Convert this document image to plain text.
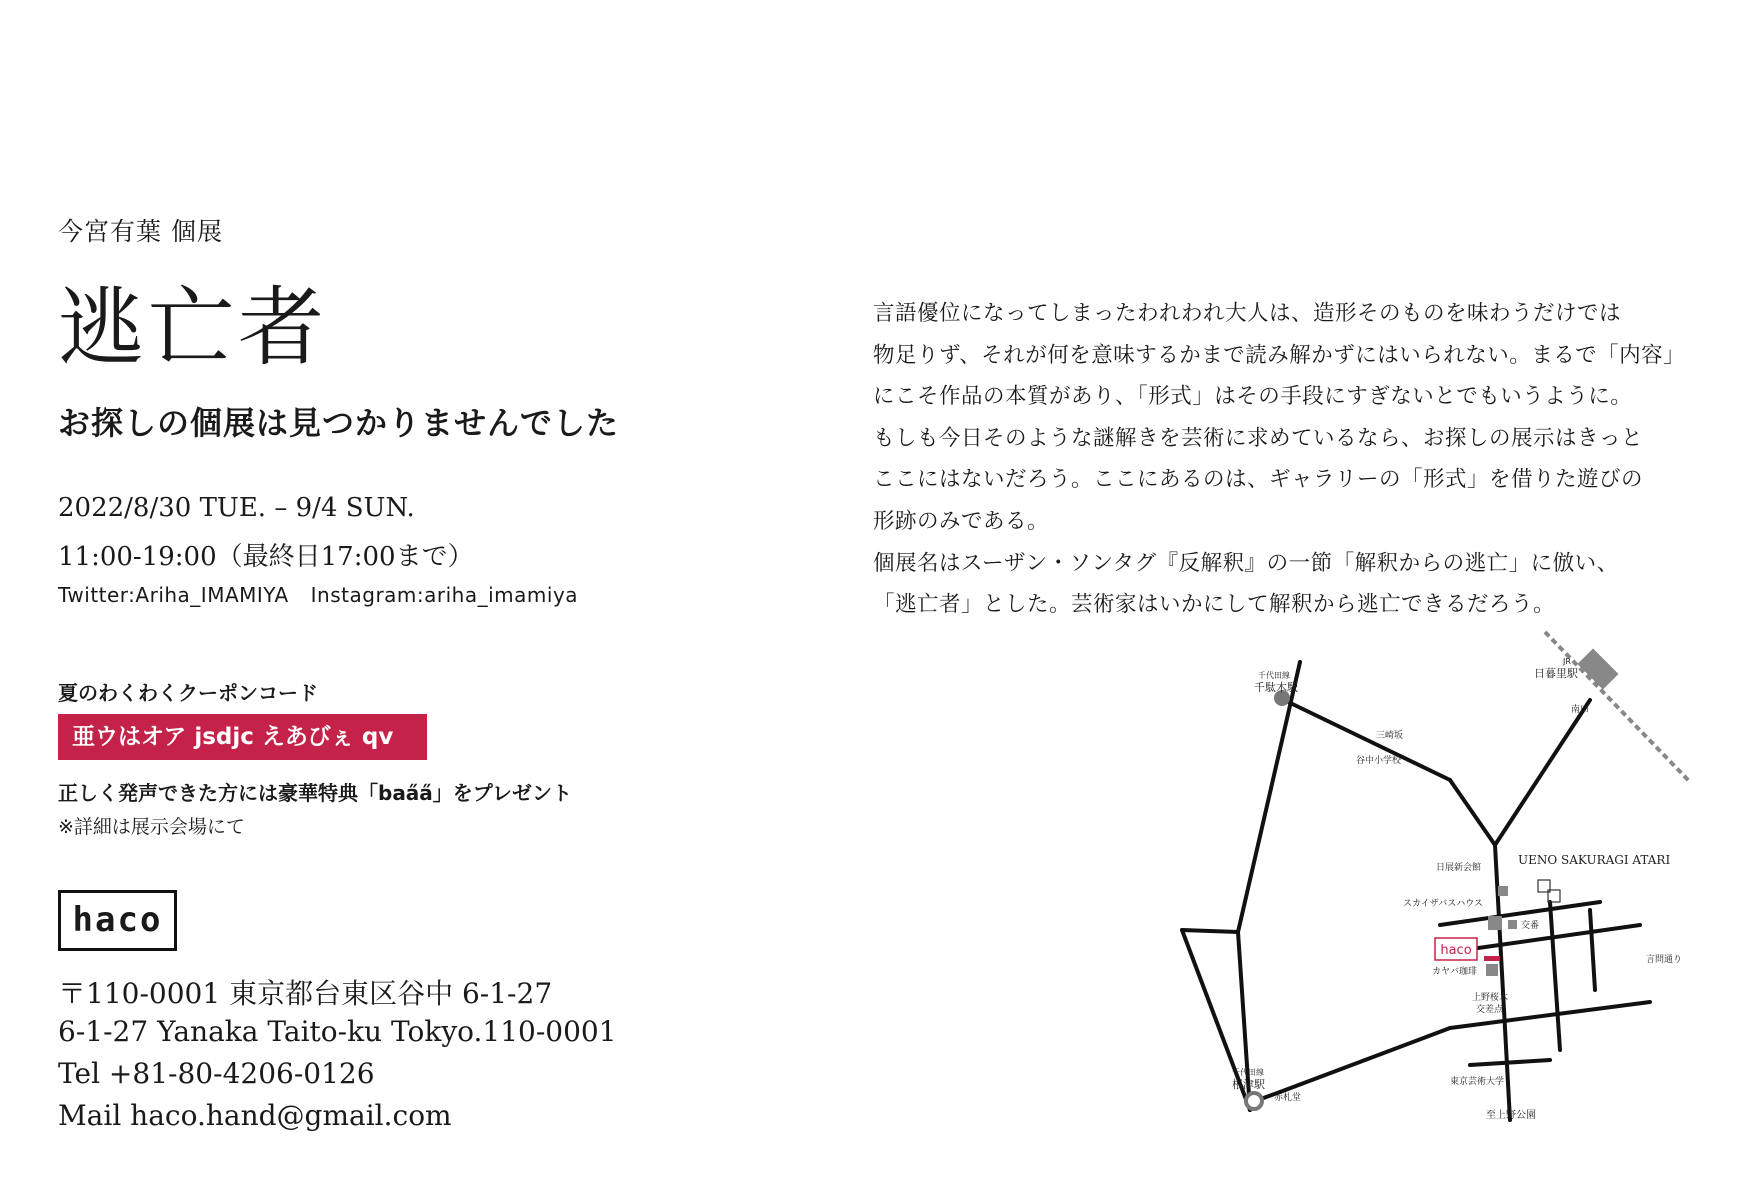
今宮有葉 個展
逃亡者
お探しの個展は見つかりませんでした
2022/8/30 TUE. – 9/4 SUN.
11:00-19:00（最終日17:00まで）
Twitter:Ariha_IMAMIYA Instagram:ariha_imamiya
夏のわくわくクーポンコード
亜ウはオア jsdjc えあびぇ qv
正しく発声できた方には豪華特典「baa̋a̋」をプレゼント
※詳細は展示会場にて
haco
〒110-0001 東京都台東区谷中 6-1-27
6-1-27 Yanaka Taito-ku Tokyo.110-0001
Tel +81-80-4206-0126
Mail haco.hand@gmail.com
言語優位になってしまったわれわれ大人は、造形そのものを味わうだけでは
物足りず、それが何を意味するかまで読み解かずにはいられない。まるで「内容」
にこそ作品の本質があり、「形式」はその手段にすぎないとでもいうように。
もしも今日そのような謎解きを芸術に求めているなら、お探しの展示はきっと
ここにはないだろう。ここにあるのは、ギャラリーの「形式」を借りた遊びの
形跡のみである。
個展名はスーザン・ソンタグ『反解釈』の一節「解釈からの逃亡」に倣い、
「逃亡者」とした。芸術家はいかにして解釈から逃亡できるだろう。
haco
千代田線
千駄木駅
千代田線
根津駅
JR
日暮里駅
南口
三崎坂
谷中小学校
UENO SAKURAGI ATARI
日展新会館
スカイザバスハウス
交番
言問通り
カヤバ珈琲
上野桜木
交差点
赤札堂
東京芸術大学
至上野公園
